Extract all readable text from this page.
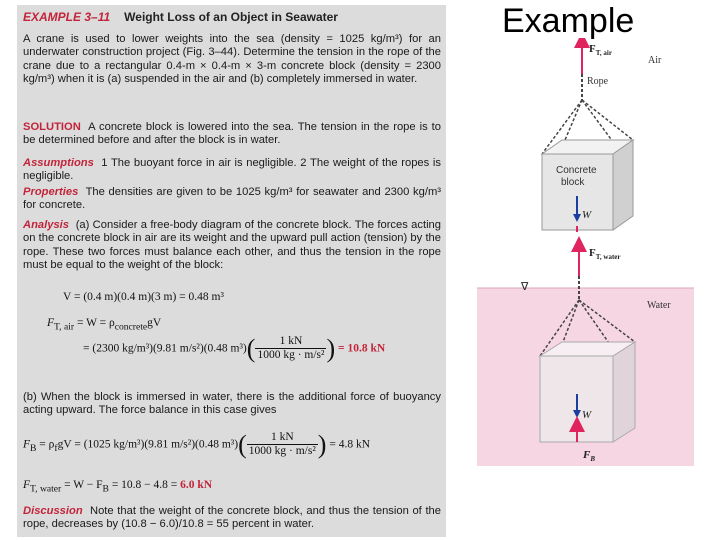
Example
EXAMPLE 3–11 Weight Loss of an Object in Seawater
A crane is used to lower weights into the sea (density = 1025 kg/m³) for an underwater construction project (Fig. 3–44). Determine the tension in the rope of the crane due to a rectangular 0.4-m × 0.4-m × 3-m concrete block (density = 2300 kg/m³) when it is (a) suspended in the air and (b) completely immersed in water.
SOLUTION A concrete block is lowered into the sea. The tension in the rope is to be determined before and after the block is in water.
Assumptions 1 The buoyant force in air is negligible. 2 The weight of the ropes is negligible.
Properties The densities are given to be 1025 kg/m³ for seawater and 2300 kg/m³ for concrete.
Analysis (a) Consider a free-body diagram of the concrete block. The forces acting on the concrete block in air are its weight and the upward pull action (tension) by the rope. These two forces must balance each other, and thus the tension in the rope must be equal to the weight of the block:
V = (0.4 m)(0.4 m)(3 m) = 0.48 m³
$F_{T, air} = W = \rho_{concrete}gV$
= (2300 kg/m³)(9.81 m/s²)(0.48 $m^3)( \frac{1 kN}{\text{1000 kg · m/s²}}$ ) = 10.8 kN
(b) When the block is immersed in water, there is the additional force of buoyancy acting upward. The force balance in this case gives
$F_B = \rho_fgV = (1025$ kg/m³)(9.81 m/s²)(0.48 $m^3)( \frac{1 kN}{\text{1000 kg · m/s²}}$ ) = 4.8 kN
$F_{T, water} = W - F_B = 10.8 - 4.8 = 6.0$ kN
Discussion Note that the weight of the concrete block, and thus the tension of the rope, decreases by (10.8 − 6.0)/10.8 = 55 percent in water.
$F_{T, air}$
Air
Rope
Concrete
block
W
$F_{T, water}$
∇
Water
W
$F_B$
